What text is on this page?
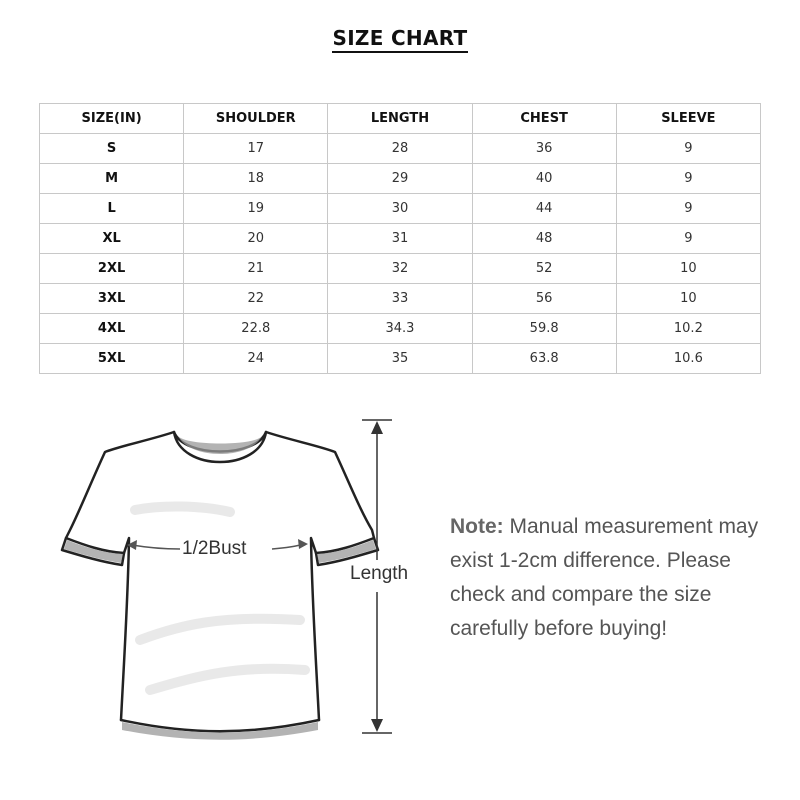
SIZE CHART
SIZE(IN)	SHOULDER	LENGTH	CHEST	SLEEVE
S	17	28	36	9
M	18	29	40	9
L	19	30	44	9
XL	20	31	48	9
2XL	21	32	52	10
3XL	22	33	56	10
4XL	22.8	34.3	59.8	10.2
5XL	24	35	63.8	10.6
1/2Bust
Length
Note: Manual measurement may exist 1-2cm difference. Please check and compare the size carefully before buying!
